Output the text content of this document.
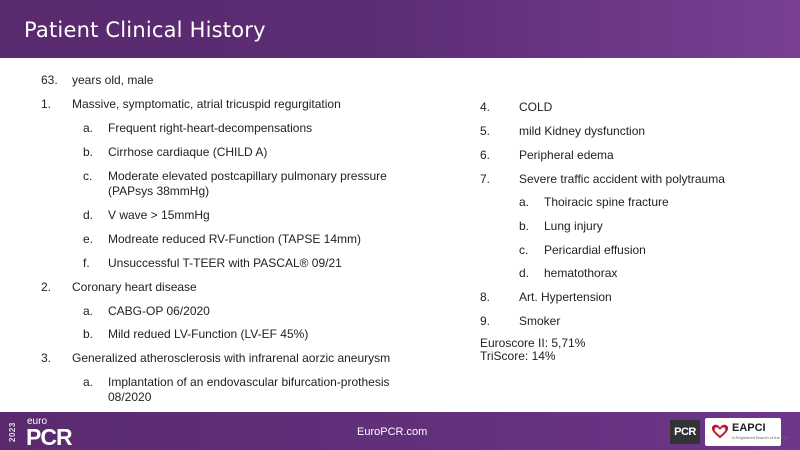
Patient Clinical History
63. years old, male
1. Massive, symptomatic, atrial tricuspid regurgitation
a. Frequent right-heart-decompensations
b. Cirrhose cardiaque (CHILD A)
c. Moderate elevated postcapillary pulmonary pressure
(PAPsys 38mmHg)
d. V wave > 15mmHg
e. Modreate reduced RV-Function (TAPSE 14mm)
f. Unsuccessful T-TEER with PASCAL® 09/21
2. Coronary heart disease
a. CABG-OP 06/2020
b. Mild redued LV-Function (LV-EF 45%)
3. Generalized atherosclerosis with infrarenal aorzic aneurysm
a. Implantation of an endovascular bifurcation-prothesis
08/2020
4. COLD
5. mild Kidney dysfunction
6. Peripheral edema
7. Severe traffic accident with polytrauma
a. Thoiracic spine fracture
b. Lung injury
c. Pericardial effusion
d. hematothorax
8. Art. Hypertension
9. Smoker
Euroscore II: 5,71%
TriScore: 14%
2023
euro
PCR	EuroPCR.com	PCR	EAPCI
A Registered Branch of the ESC
